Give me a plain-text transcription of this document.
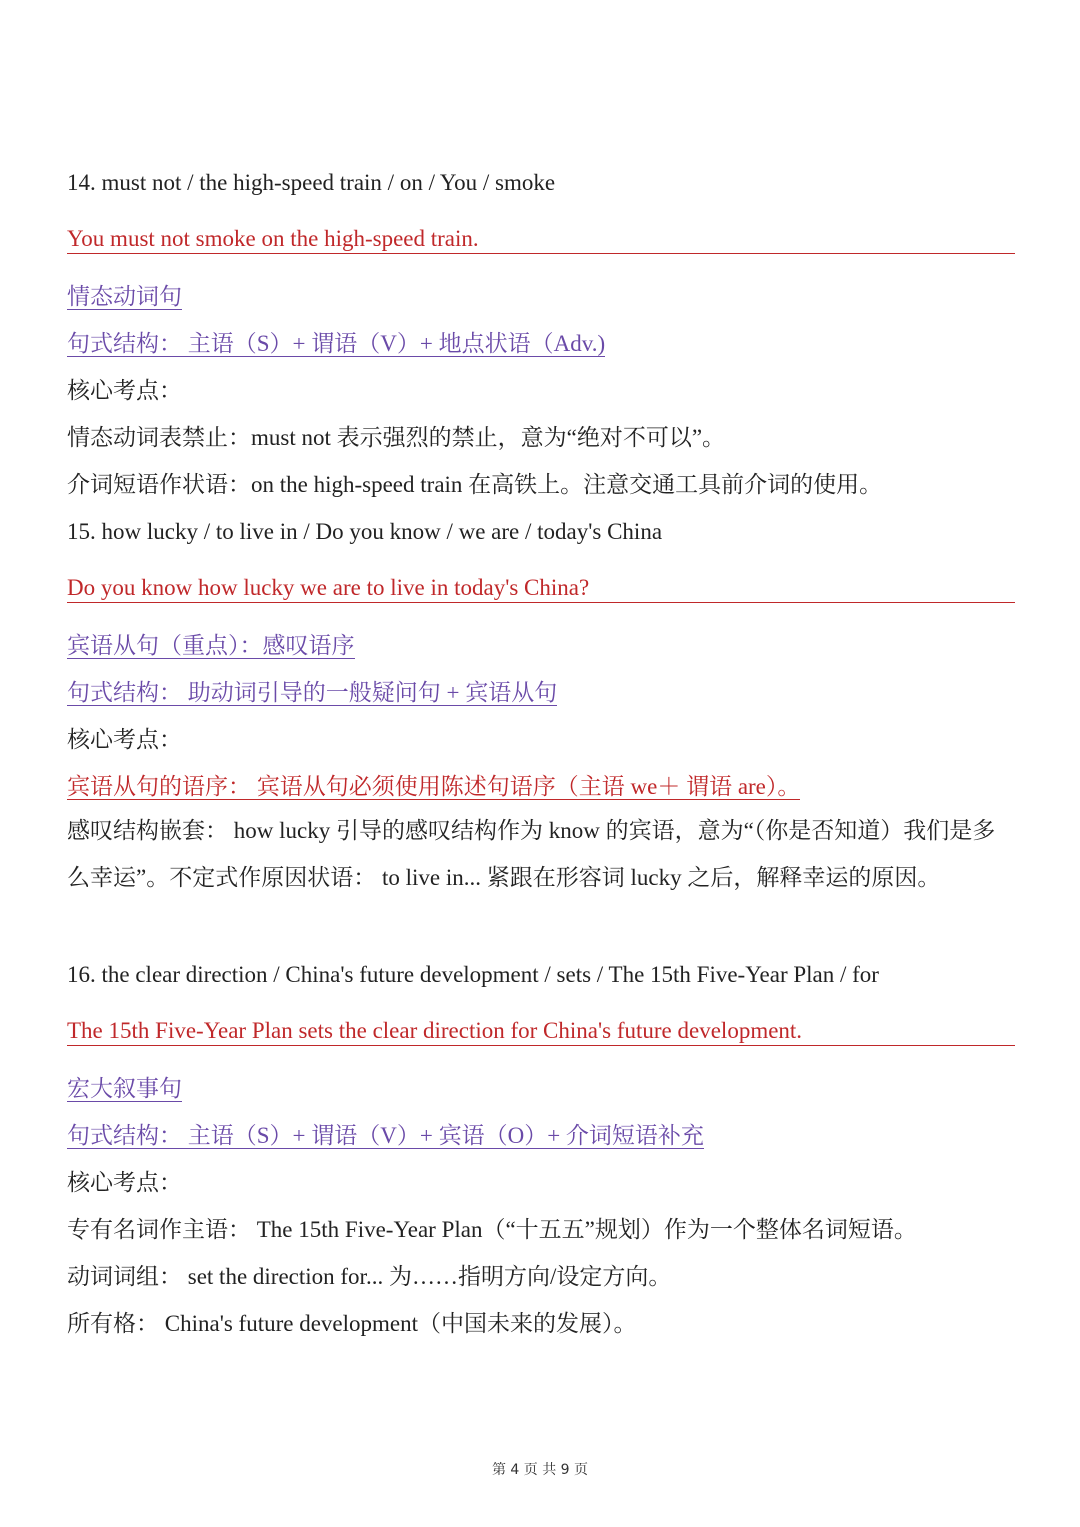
14. must not / the high-speed train / on / You / smoke
You must not smoke on the high-speed train.
情态动词句
句式结构： 主语（S）+ 谓语（V）+ 地点状语（Adv.)
核心考点：
情态动词表禁止：must not 表示强烈的禁止，意为“绝对不可以”。
介词短语作状语：on the high-speed train 在高铁上。注意交通工具前介词的使用。
15. how lucky / to live in / Do you know / we are / today's China
Do you know how lucky we are to live in today's China?
宾语从句（重点）：感叹语序
句式结构： 助动词引导的一般疑问句 + 宾语从句
核心考点：
宾语从句的语序： 宾语从句必须使用陈述句语序（主语 we＋ 谓语 are）。
感叹结构嵌套： how lucky 引导的感叹结构作为 know 的宾语，意为“（你是否知道）我们是多么幸运”。不定式作原因状语： to live in... 紧跟在形容词 lucky 之后，解释幸运的原因。
16. the clear direction / China's future development / sets / The 15th Five-Year Plan / for
The 15th Five-Year Plan sets the clear direction for China's future development.
宏大叙事句
句式结构： 主语（S）+ 谓语（V）+ 宾语（O）+ 介词短语补充
核心考点：
专有名词作主语： The 15th Five-Year Plan（“十五五”规划）作为一个整体名词短语。
动词词组： set the direction for... 为……指明方向/设定方向。
所有格： China's future development（中国未来的发展）。
第 4 页 共 9 页
